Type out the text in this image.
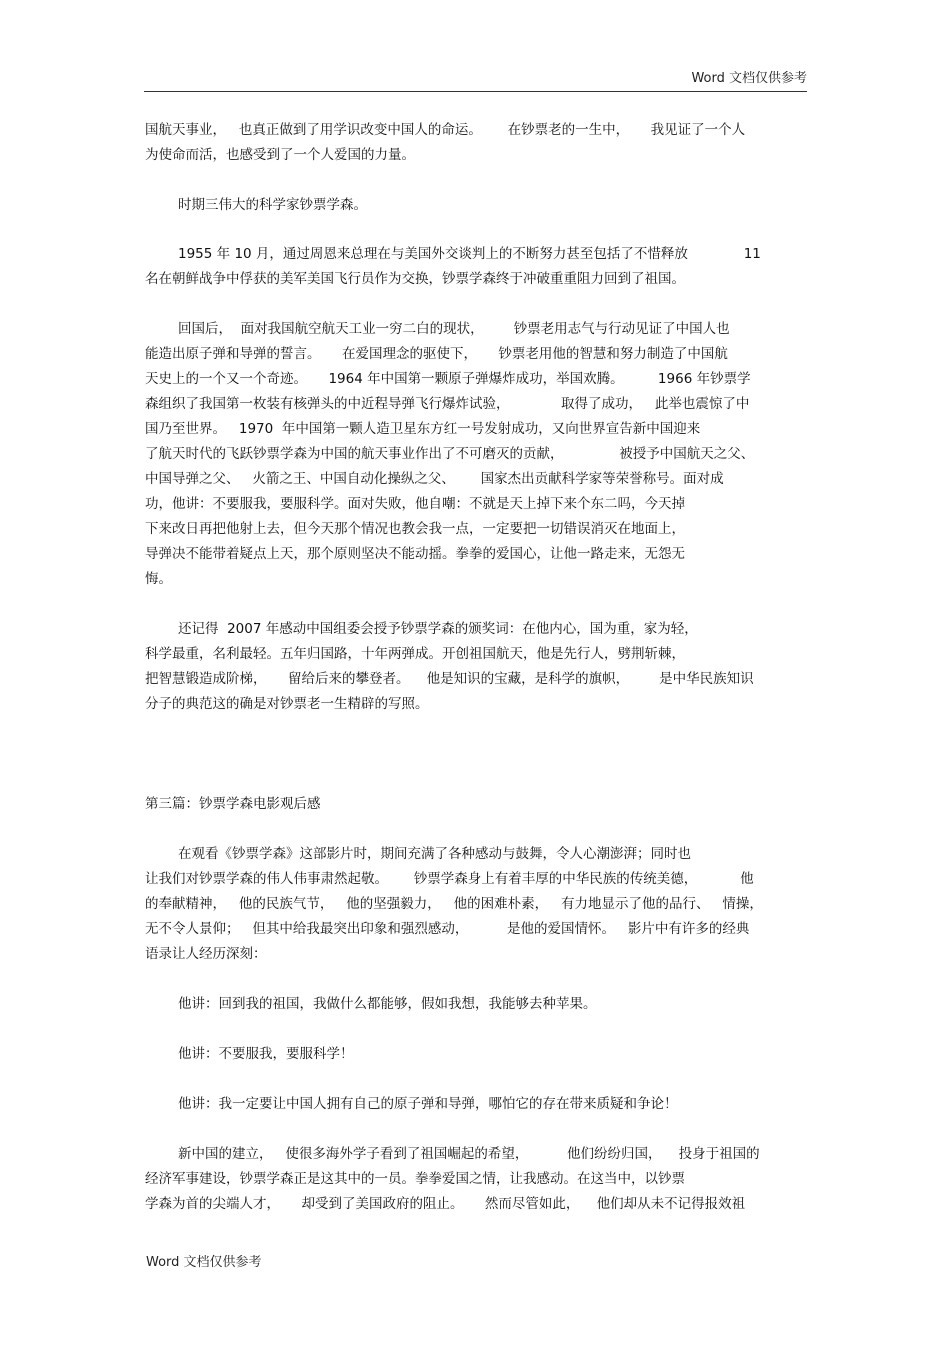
Word 文档仅供参考
国航天事业，   也真正做到了用学识改变中国人的命运。      在钞票老的一生中，     我见证了一个人
为使命而活，也感受到了一个人爱国的力量。
时期三伟大的科学家钞票学森。
1955 年 10 月，通过周恩来总理在与美国外交谈判上的不断努力甚至包括了不惜释放             11
名在朝鲜战争中俘获的美军美国飞行员作为交换，钞票学森终于冲破重重阻力回到了祖国。
回国后，  面对我国航空航天工业一穷二白的现状，       钞票老用志气与行动见证了中国人也
能造出原子弹和导弹的誓言。     在爱国理念的驱使下，     钞票老用他的智慧和努力制造了中国航
天史上的一个又一个奇迹。     1964 年中国第一颗原子弹爆炸成功，举国欢腾。        1966 年钞票学
森组织了我国第一枚装有核弹头的中近程导弹飞行爆炸试验，            取得了成功，   此举也震惊了中
国乃至世界。   1970  年中国第一颗人造卫星东方红一号发射成功，又向世界宣告新中国迎来
了航天时代的飞跃钞票学森为中国的航天事业作出了不可磨灭的贡献，             被授予中国航天之父、
中国导弹之父、   火箭之王、中国自动化操纵之父、      国家杰出贡献科学家等荣誉称号。面对成
功，他讲：不要服我，要服科学。面对失败，他自嘲：不就是天上掉下来个东二吗，今天掉
下来改日再把他射上去，但今天那个情况也教会我一点，一定要把一切错误消灭在地面上，
导弹决不能带着疑点上天，那个原则坚决不能动摇。拳拳的爱国心，让他一路走来，无怨无
悔。
还记得  2007 年感动中国组委会授予钞票学森的颁奖词：在他内心，国为重，家为轻，
科学最重，名利最轻。五年归国路，十年两弹成。开创祖国航天，他是先行人，劈荆斩棘，
把智慧锻造成阶梯，     留给后来的攀登者。    他是知识的宝藏，是科学的旗帜，       是中华民族知识
分子的典范这的确是对钞票老一生精辟的写照。
第三篇：钞票学森电影观后感
在观看《钞票学森》这部影片时，期间充满了各种感动与鼓舞，令人心潮澎湃；同时也
让我们对钞票学森的伟人伟事肃然起敬。      钞票学森身上有着丰厚的中华民族的传统美德，          他
的奉献精神，   他的民族气节，   他的坚强毅力，   他的困难朴素，   有力地显示了他的品行、   情操，
无不令人景仰；   但其中给我最突出印象和强烈感动，         是他的爱国情怀。   影片中有许多的经典
语录让人经历深刻：
他讲：回到我的祖国，我做什么都能够，假如我想，我能够去种苹果。
他讲：不要服我，要服科学！
他讲：我一定要让中国人拥有自己的原子弹和导弹，哪怕它的存在带来质疑和争论！
新中国的建立，   使很多海外学子看到了祖国崛起的希望，         他们纷纷归国，    投身于祖国的
经济军事建设，钞票学森正是这其中的一员。拳拳爱国之情，让我感动。在这当中，以钞票
学森为首的尖端人才，     却受到了美国政府的阻止。     然而尽管如此，    他们却从未不记得报效祖
Word 文档仅供参考
